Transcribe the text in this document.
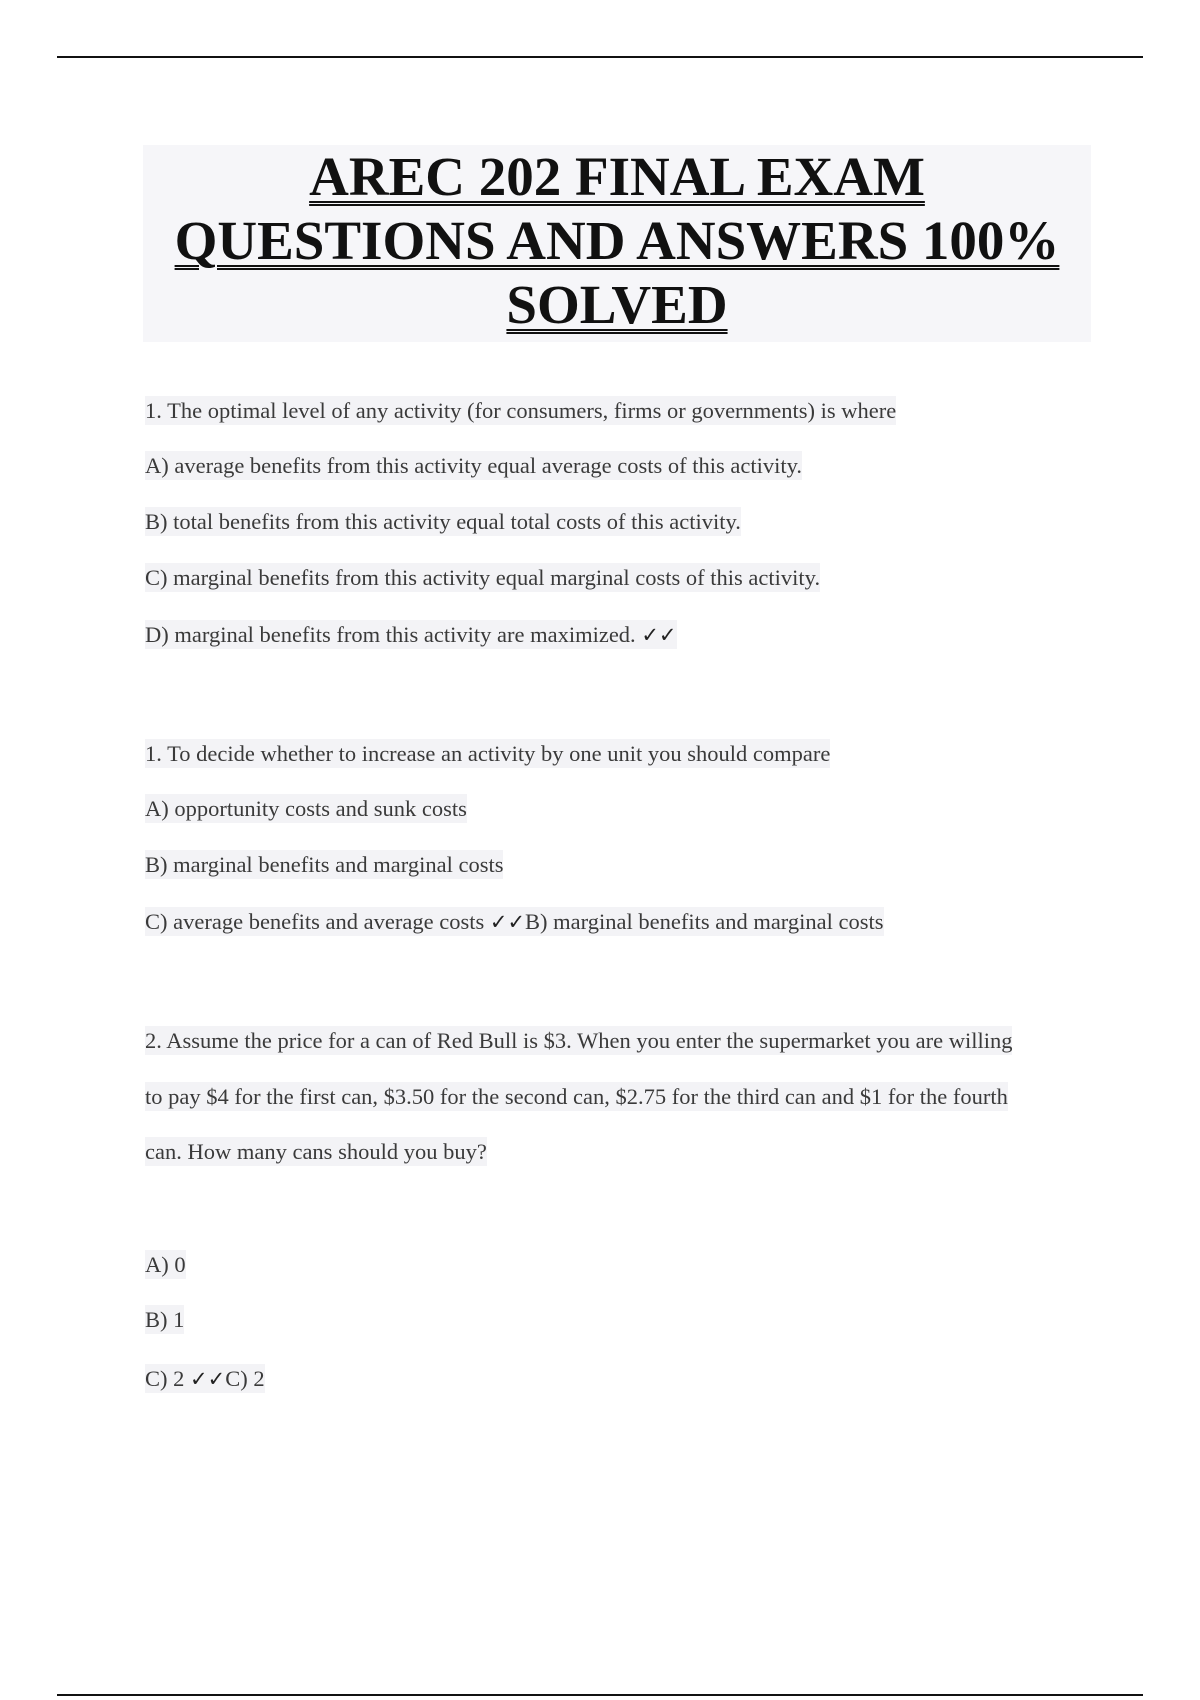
AREC 202 FINAL EXAM
QUESTIONS AND ANSWERS 100%
SOLVED
1. The optimal level of any activity (for consumers, firms or governments) is where
A) average benefits from this activity equal average costs of this activity.
B) total benefits from this activity equal total costs of this activity.
C) marginal benefits from this activity equal marginal costs of this activity.
D) marginal benefits from this activity are maximized. ✓✓
1. To decide whether to increase an activity by one unit you should compare
A) opportunity costs and sunk costs
B) marginal benefits and marginal costs
C) average benefits and average costs ✓✓B) marginal benefits and marginal costs
2. Assume the price for a can of Red Bull is $3. When you enter the supermarket you are willing
to pay $4 for the first can, $3.50 for the second can, $2.75 for the third can and $1 for the fourth
can. How many cans should you buy?
A) 0
B) 1
C) 2 ✓✓C) 2
